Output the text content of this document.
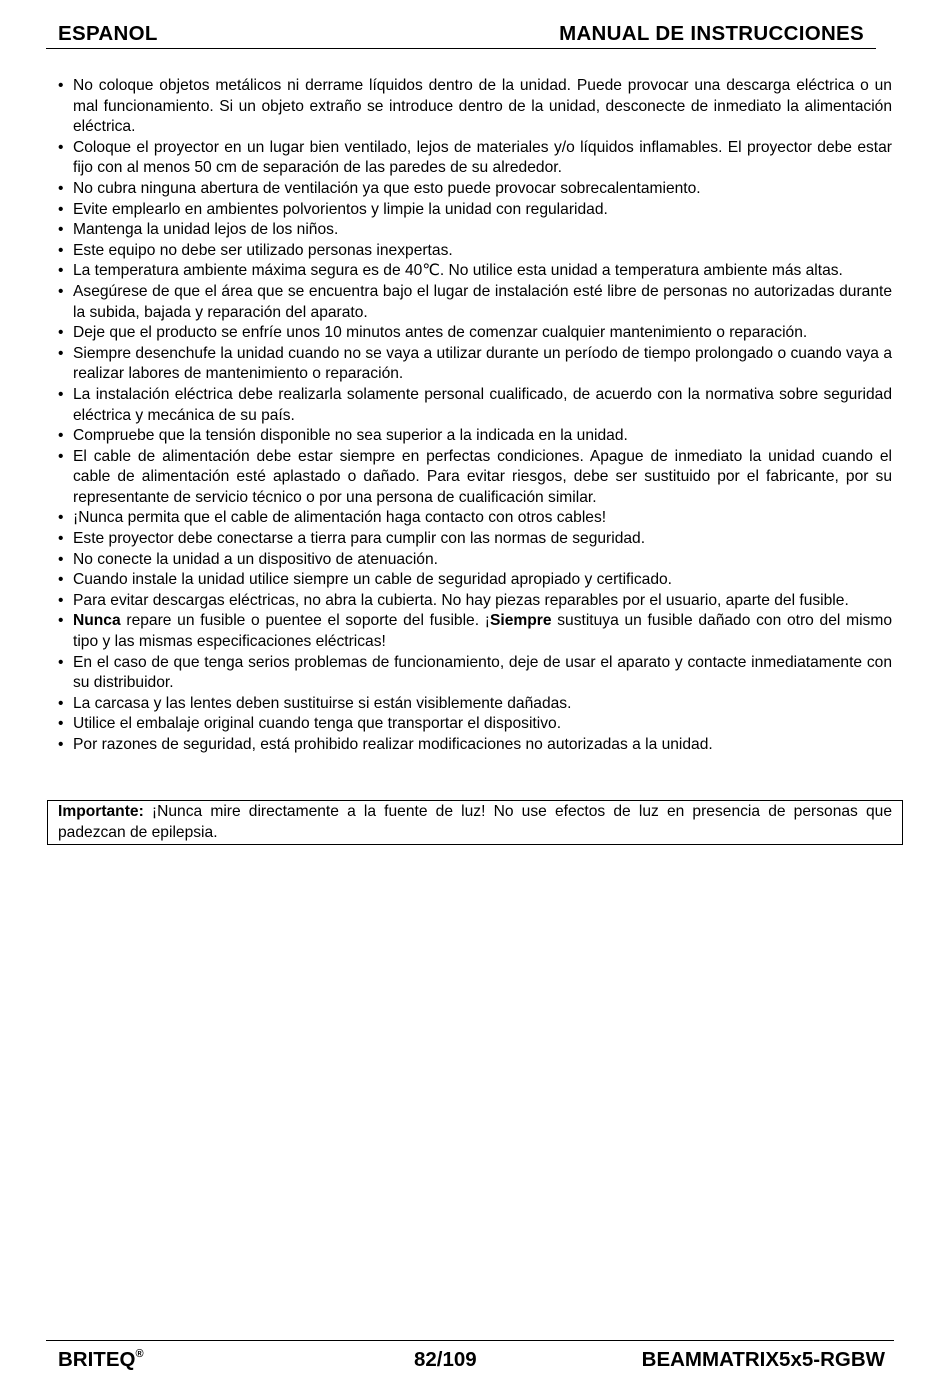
ESPANOL	MANUAL DE INSTRUCCIONES
• No coloque objetos metálicos ni derrame líquidos dentro de la unidad. Puede provocar una descarga eléctrica o un mal funcionamiento. Si un objeto extraño se introduce dentro de la unidad, desconecte de inmediato la alimentación eléctrica.
• Coloque el proyector en un lugar bien ventilado, lejos de materiales y/o líquidos inflamables. El proyector debe estar fijo con al menos 50 cm de separación de las paredes de su alrededor.
• No cubra ninguna abertura de ventilación ya que esto puede provocar sobrecalentamiento.
• Evite emplearlo en ambientes polvorientos y limpie la unidad con regularidad.
• Mantenga la unidad lejos de los niños.
• Este equipo no debe ser utilizado personas inexpertas.
• La temperatura ambiente máxima segura es de 40℃. No utilice esta unidad a temperatura ambiente más altas.
• Asegúrese de que el área que se encuentra bajo el lugar de instalación esté libre de personas no autorizadas durante la subida, bajada y reparación del aparato.
• Deje que el producto se enfríe unos 10 minutos antes de comenzar cualquier mantenimiento o reparación.
• Siempre desenchufe la unidad cuando no se vaya a utilizar durante un período de tiempo prolongado o cuando vaya a realizar labores de mantenimiento o reparación.
• La instalación eléctrica debe realizarla solamente personal cualificado, de acuerdo con la normativa sobre seguridad eléctrica y mecánica de su país.
• Compruebe que la tensión disponible no sea superior a la indicada en la unidad.
• El cable de alimentación debe estar siempre en perfectas condiciones. Apague de inmediato la unidad cuando el cable de alimentación esté aplastado o dañado. Para evitar riesgos, debe ser sustituido por el fabricante, por su representante de servicio técnico o por una persona de cualificación similar.
• ¡Nunca permita que el cable de alimentación haga contacto con otros cables!
• Este proyector debe conectarse a tierra para cumplir con las normas de seguridad.
• No conecte la unidad a un dispositivo de atenuación.
• Cuando instale la unidad utilice siempre un cable de seguridad apropiado y certificado.
• Para evitar descargas eléctricas, no abra la cubierta. No hay piezas reparables por el usuario, aparte del fusible.
• Nunca repare un fusible o puentee el soporte del fusible. ¡Siempre sustituya un fusible dañado con otro del mismo tipo y las mismas especificaciones eléctricas!
• En el caso de que tenga serios problemas de funcionamiento, deje de usar el aparato y contacte inmediatamente con su distribuidor.
• La carcasa y las lentes deben sustituirse si están visiblemente dañadas.
• Utilice el embalaje original cuando tenga que transportar el dispositivo.
• Por razones de seguridad, está prohibido realizar modificaciones no autorizadas a la unidad.
Importante: ¡Nunca mire directamente a la fuente de luz! No use efectos de luz en presencia de personas que padezcan de epilepsia.
BRITEQ®	82/109	BEAMMATRIX5x5-RGBW
